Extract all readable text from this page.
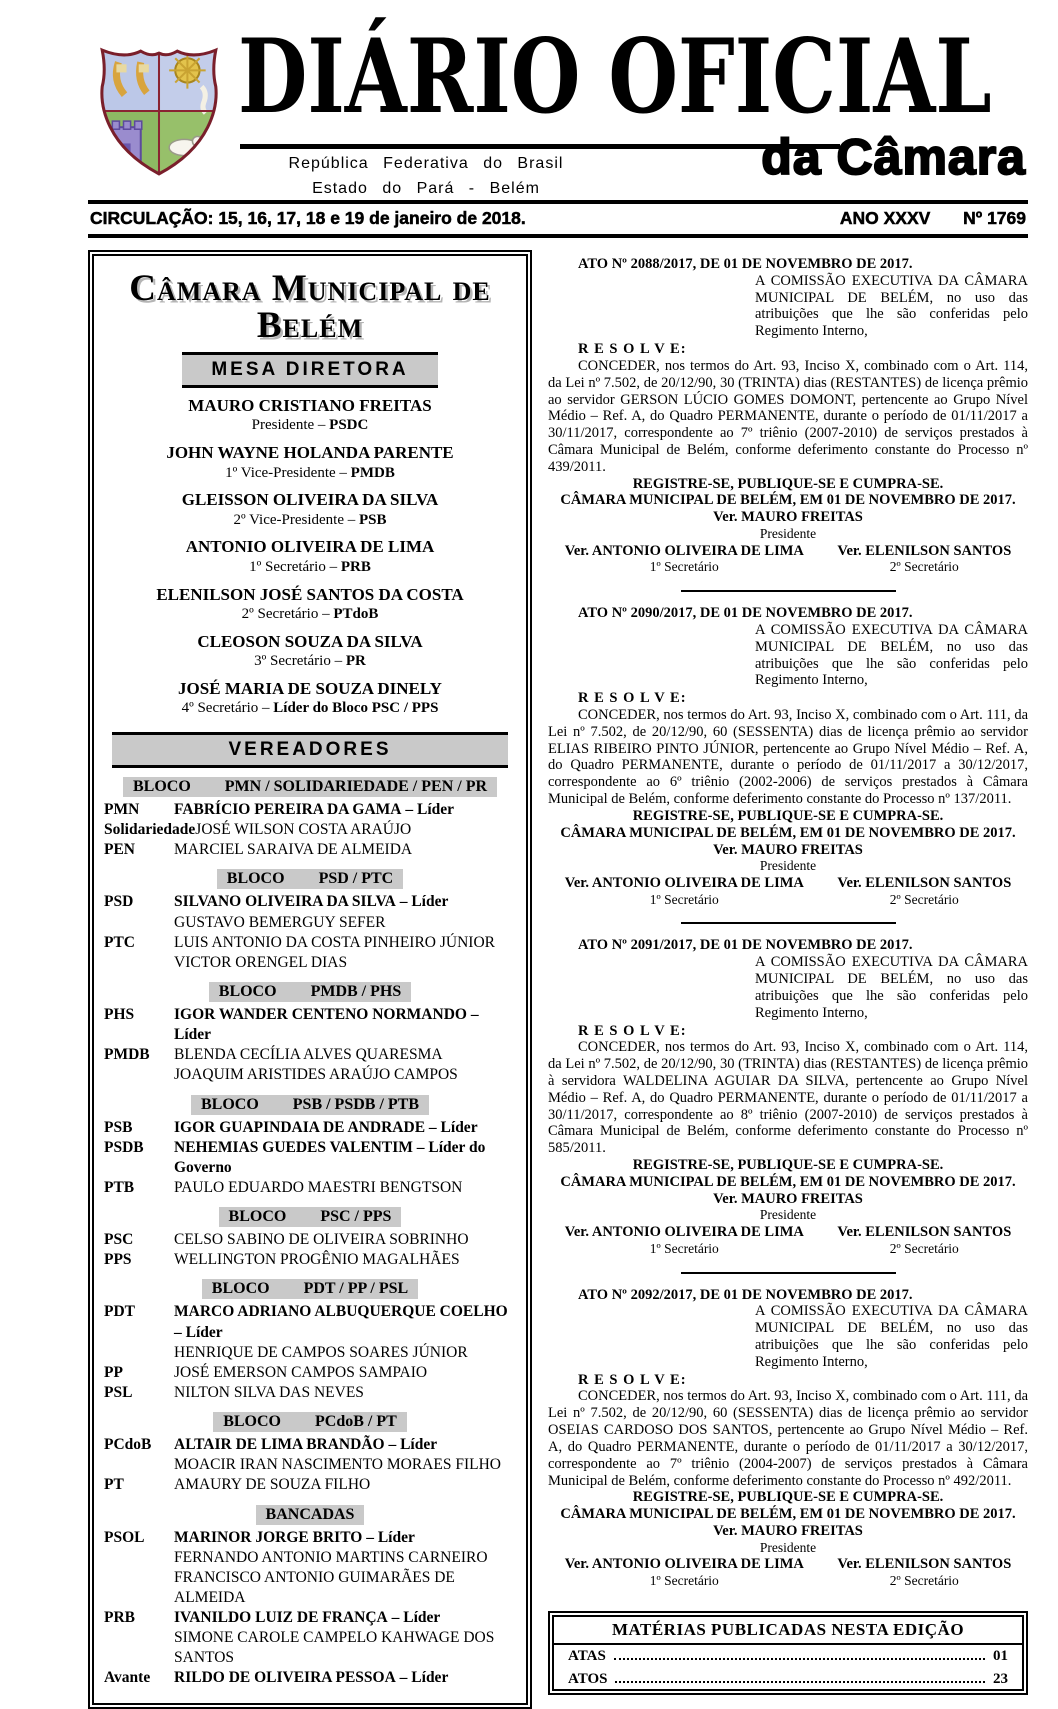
DIÁRIO OFICIAL
República Federativa do Brasil
Estado do Pará - Belém
da Câmara
CIRCULAÇÃO: 15, 16, 17, 18 e 19 de janeiro de 2018.	ANO XXXV Nº 1769
Câmara Municipal de Belém
MESA DIRETORA
MAURO CRISTIANO FREITAS
Presidente – PSDC
JOHN WAYNE HOLANDA PARENTE
1º Vice-Presidente – PMDB
GLEISSON OLIVEIRA DA SILVA
2º Vice-Presidente – PSB
ANTONIO OLIVEIRA DE LIMA
1º Secretário – PRB
ELENILSON JOSÉ SANTOS DA COSTA
2º Secretário – PTdoB
CLEOSON SOUZA DA SILVA
3º Secretário – PR
JOSÉ MARIA DE SOUZA DINELY
4º Secretário – Líder do Bloco PSC / PPS
VEREADORES
BLOCO PMN / SOLIDARIEDADE / PEN / PR
PMN	FABRÍCIO PEREIRA DA GAMA – Líder
Solidariedade JOSÉ WILSON COSTA ARAÚJO
PEN	MARCIEL SARAIVA DE ALMEIDA
BLOCO PSD / PTC
PSD	SILVANO OLIVEIRA DA SILVA – Líder
GUSTAVO BEMERGUY SEFER
PTC	LUIS ANTONIO DA COSTA PINHEIRO JÚNIOR
VICTOR ORENGEL DIAS
BLOCO PMDB / PHS
PHS	IGOR WANDER CENTENO NORMANDO – Líder
PMDB	BLENDA CECÍLIA ALVES QUARESMA
JOAQUIM ARISTIDES ARAÚJO CAMPOS
BLOCO PSB / PSDB / PTB
PSB	IGOR GUAPINDAIA DE ANDRADE – Líder
PSDB	NEHEMIAS GUEDES VALENTIM – Líder do Governo
PTB	PAULO EDUARDO MAESTRI BENGTSON
BLOCO PSC / PPS
PSC	CELSO SABINO DE OLIVEIRA SOBRINHO
PPS	WELLINGTON PROGÊNIO MAGALHÃES
BLOCO PDT / PP / PSL
PDT	MARCO ADRIANO ALBUQUERQUE COELHO – Líder
HENRIQUE DE CAMPOS SOARES JÚNIOR
PP	JOSÉ EMERSON CAMPOS SAMPAIO
PSL	NILTON SILVA DAS NEVES
BLOCO PCdoB / PT
PCdoB	ALTAIR DE LIMA BRANDÃO – Líder
MOACIR IRAN NASCIMENTO MORAES FILHO
PT	AMAURY DE SOUZA FILHO
BANCADAS
PSOL	MARINOR JORGE BRITO – Líder
FERNANDO ANTONIO MARTINS CARNEIRO
FRANCISCO ANTONIO GUIMARÃES DE ALMEIDA
PRB	IVANILDO LUIZ DE FRANÇA – Líder
SIMONE CAROLE CAMPELO KAHWAGE DOS SANTOS
Avante	RILDO DE OLIVEIRA PESSOA – Líder
ATO Nº 2088/2017, DE 01 DE NOVEMBRO DE 2017.
A COMISSÃO EXECUTIVA DA CÂMARA MUNICIPAL DE BELÉM, no uso das atribuições que lhe são conferidas pelo Regimento Interno,
R E S O L V E:
CONCEDER, nos termos do Art. 93, Inciso X, combinado com o Art. 114, da Lei nº 7.502, de 20/12/90, 30 (TRINTA) dias (RESTANTES) de licença prêmio ao servidor GERSON LÚCIO GOMES DOMONT, pertencente ao Grupo Nível Médio – Ref. A, do Quadro PERMANENTE, durante o período de 01/11/2017 a 30/11/2017, correspondente ao 7º triênio (2007-2010) de serviços prestados à Câmara Municipal de Belém, conforme deferimento constante do Processo nº 439/2011.
REGISTRE-SE, PUBLIQUE-SE E CUMPRA-SE.
CÂMARA MUNICIPAL DE BELÉM, EM 01 DE NOVEMBRO DE 2017.
Ver. MAURO FREITAS
Presidente
Ver. ANTONIO OLIVEIRA DE LIMA
1º Secretário
Ver. ELENILSON SANTOS
2º Secretário
ATO Nº 2090/2017, DE 01 DE NOVEMBRO DE 2017.
A COMISSÃO EXECUTIVA DA CÂMARA MUNICIPAL DE BELÉM, no uso das atribuições que lhe são conferidas pelo Regimento Interno,
R E S O L V E:
CONCEDER, nos termos do Art. 93, Inciso X, combinado com o Art. 111, da Lei nº 7.502, de 20/12/90, 60 (SESSENTA) dias de licença prêmio ao servidor ELIAS RIBEIRO PINTO JÚNIOR, pertencente ao Grupo Nível Médio – Ref. A, do Quadro PERMANENTE, durante o período de 01/11/2017 a 30/12/2017, correspondente ao 6º triênio (2002-2006) de serviços prestados à Câmara Municipal de Belém, conforme deferimento constante do Processo nº 137/2011.
REGISTRE-SE, PUBLIQUE-SE E CUMPRA-SE.
CÂMARA MUNICIPAL DE BELÉM, EM 01 DE NOVEMBRO DE 2017.
Ver. MAURO FREITAS
Presidente
Ver. ANTONIO OLIVEIRA DE LIMA
1º Secretário
Ver. ELENILSON SANTOS
2º Secretário
ATO Nº 2091/2017, DE 01 DE NOVEMBRO DE 2017.
A COMISSÃO EXECUTIVA DA CÂMARA MUNICIPAL DE BELÉM, no uso das atribuições que lhe são conferidas pelo Regimento Interno,
R E S O L V E:
CONCEDER, nos termos do Art. 93, Inciso X, combinado com o Art. 114, da Lei nº 7.502, de 20/12/90, 30 (TRINTA) dias (RESTANTES) de licença prêmio à servidora WALDELINA AGUIAR DA SILVA, pertencente ao Grupo Nível Médio – Ref. A, do Quadro PERMANENTE, durante o período de 01/11/2017 a 30/11/2017, correspondente ao 8º triênio (2007-2010) de serviços prestados à Câmara Municipal de Belém, conforme deferimento constante do Processo nº 585/2011.
REGISTRE-SE, PUBLIQUE-SE E CUMPRA-SE.
CÂMARA MUNICIPAL DE BELÉM, EM 01 DE NOVEMBRO DE 2017.
Ver. MAURO FREITAS
Presidente
Ver. ANTONIO OLIVEIRA DE LIMA
1º Secretário
Ver. ELENILSON SANTOS
2º Secretário
ATO Nº 2092/2017, DE 01 DE NOVEMBRO DE 2017.
A COMISSÃO EXECUTIVA DA CÂMARA MUNICIPAL DE BELÉM, no uso das atribuições que lhe são conferidas pelo Regimento Interno,
R E S O L V E:
CONCEDER, nos termos do Art. 93, Inciso X, combinado com o Art. 111, da Lei nº 7.502, de 20/12/90, 60 (SESSENTA) dias de licença prêmio ao servidor OSEIAS CARDOSO DOS SANTOS, pertencente ao Grupo Nível Médio – Ref. A, do Quadro PERMANENTE, durante o período de 01/11/2017 a 30/12/2017, correspondente ao 7º triênio (2004-2007) de serviços prestados à Câmara Municipal de Belém, conforme deferimento constante do Processo nº 492/2011.
REGISTRE-SE, PUBLIQUE-SE E CUMPRA-SE.
CÂMARA MUNICIPAL DE BELÉM, EM 01 DE NOVEMBRO DE 2017.
Ver. MAURO FREITAS
Presidente
Ver. ANTONIO OLIVEIRA DE LIMA
1º Secretário
Ver. ELENILSON SANTOS
2º Secretário
MATÉRIAS PUBLICADAS NESTA EDIÇÃO
ATAS	01
ATOS	23
